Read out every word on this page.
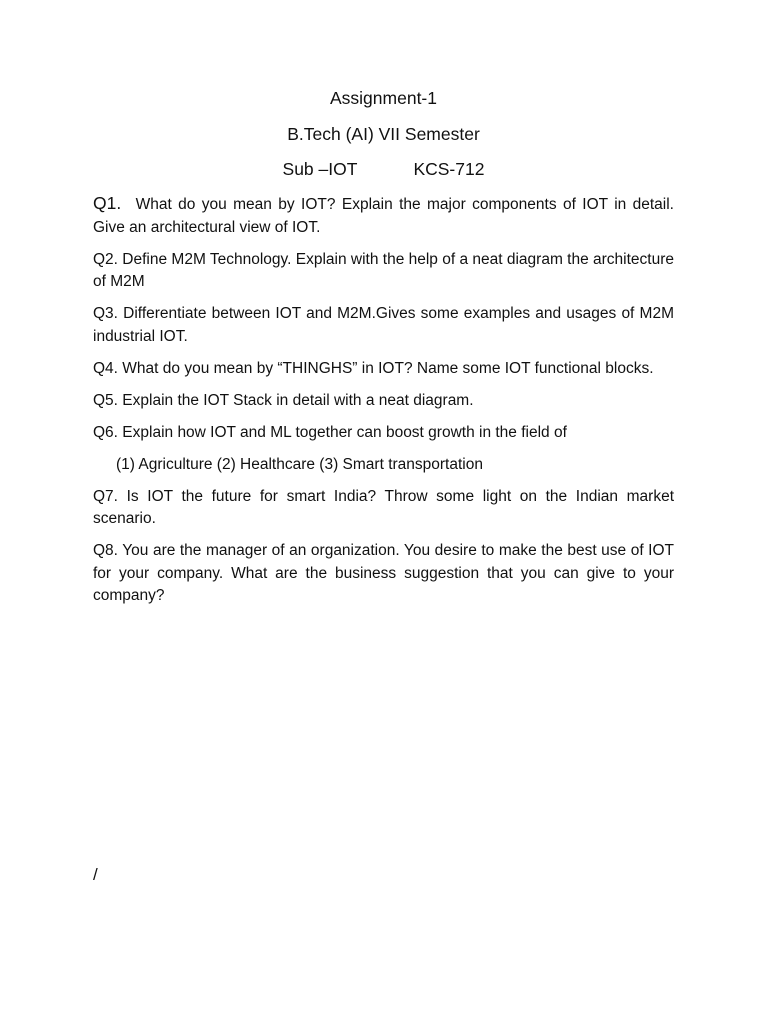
Assignment-1

B.Tech (AI) VII Semester

Sub –IOT	KCS-712

Q1. What do you mean by IOT? Explain the major components of IOT in detail. Give an architectural view of IOT.

Q2. Define M2M Technology. Explain with the help of a neat diagram the architecture of M2M

Q3. Differentiate between IOT and M2M.Gives some examples and usages of M2M industrial IOT.

Q4. What do you mean by “THINGHS” in IOT? Name some IOT functional blocks.

Q5. Explain the IOT Stack in detail with a neat diagram.

Q6. Explain how IOT and ML together can boost growth in the field of

(1) Agriculture (2) Healthcare (3) Smart transportation

Q7. Is IOT the future for smart India? Throw some light on the Indian market scenario.

Q8. You are the manager of an organization. You desire to make the best use of IOT for your company. What are the business suggestion that you can give to your company?

/
